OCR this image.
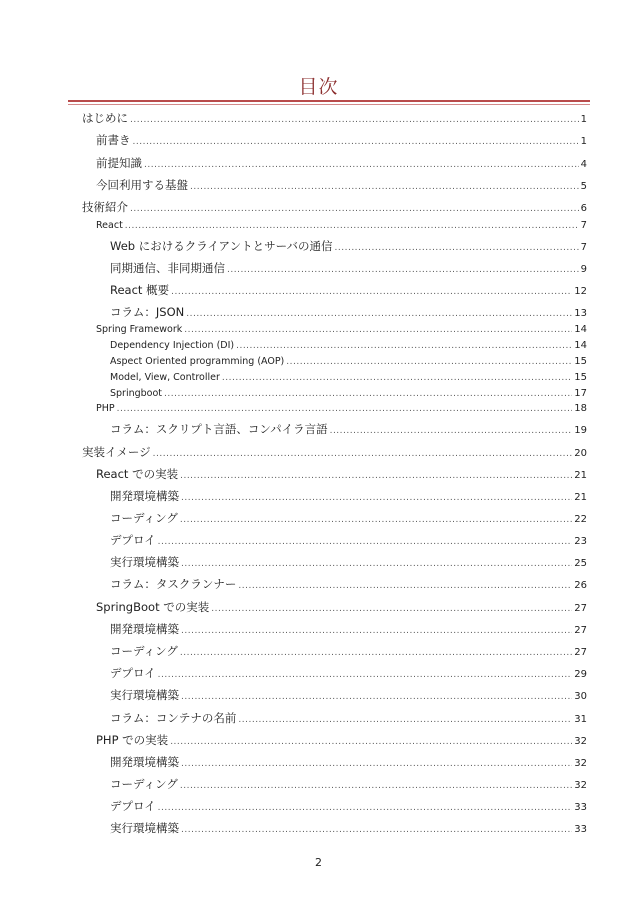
目次
はじめに .....	1
前書き .....	1
前提知識 .....	4
今回利用する基盤 .....	5
技術紹介 .....	6
React .....	7
Web におけるクライアントとサーバの通信 .....	7
同期通信、非同期通信 .....	9
React 概要 .....	12
コラム：JSON .....	13
Spring Framework .....	14
Dependency Injection (DI) .....	14
Aspect Oriented programming (AOP) .....	15
Model, View, Controller .....	15
Springboot .....	17
PHP .....	18
コラム：スクリプト言語、コンパイラ言語 .....	19
実装イメージ .....	20
React での実装 .....	21
開発環境構築 .....	21
コーディング .....	22
デプロイ .....	23
実行環境構築 .....	25
コラム：タスクランナー .....	26
SpringBoot での実装 .....	27
開発環境構築 .....	27
コーディング .....	27
デプロイ .....	29
実行環境構築 .....	30
コラム：コンテナの名前 .....	31
PHP での実装 .....	32
開発環境構築 .....	32
コーディング .....	32
デプロイ .....	33
実行環境構築 .....	33
2
